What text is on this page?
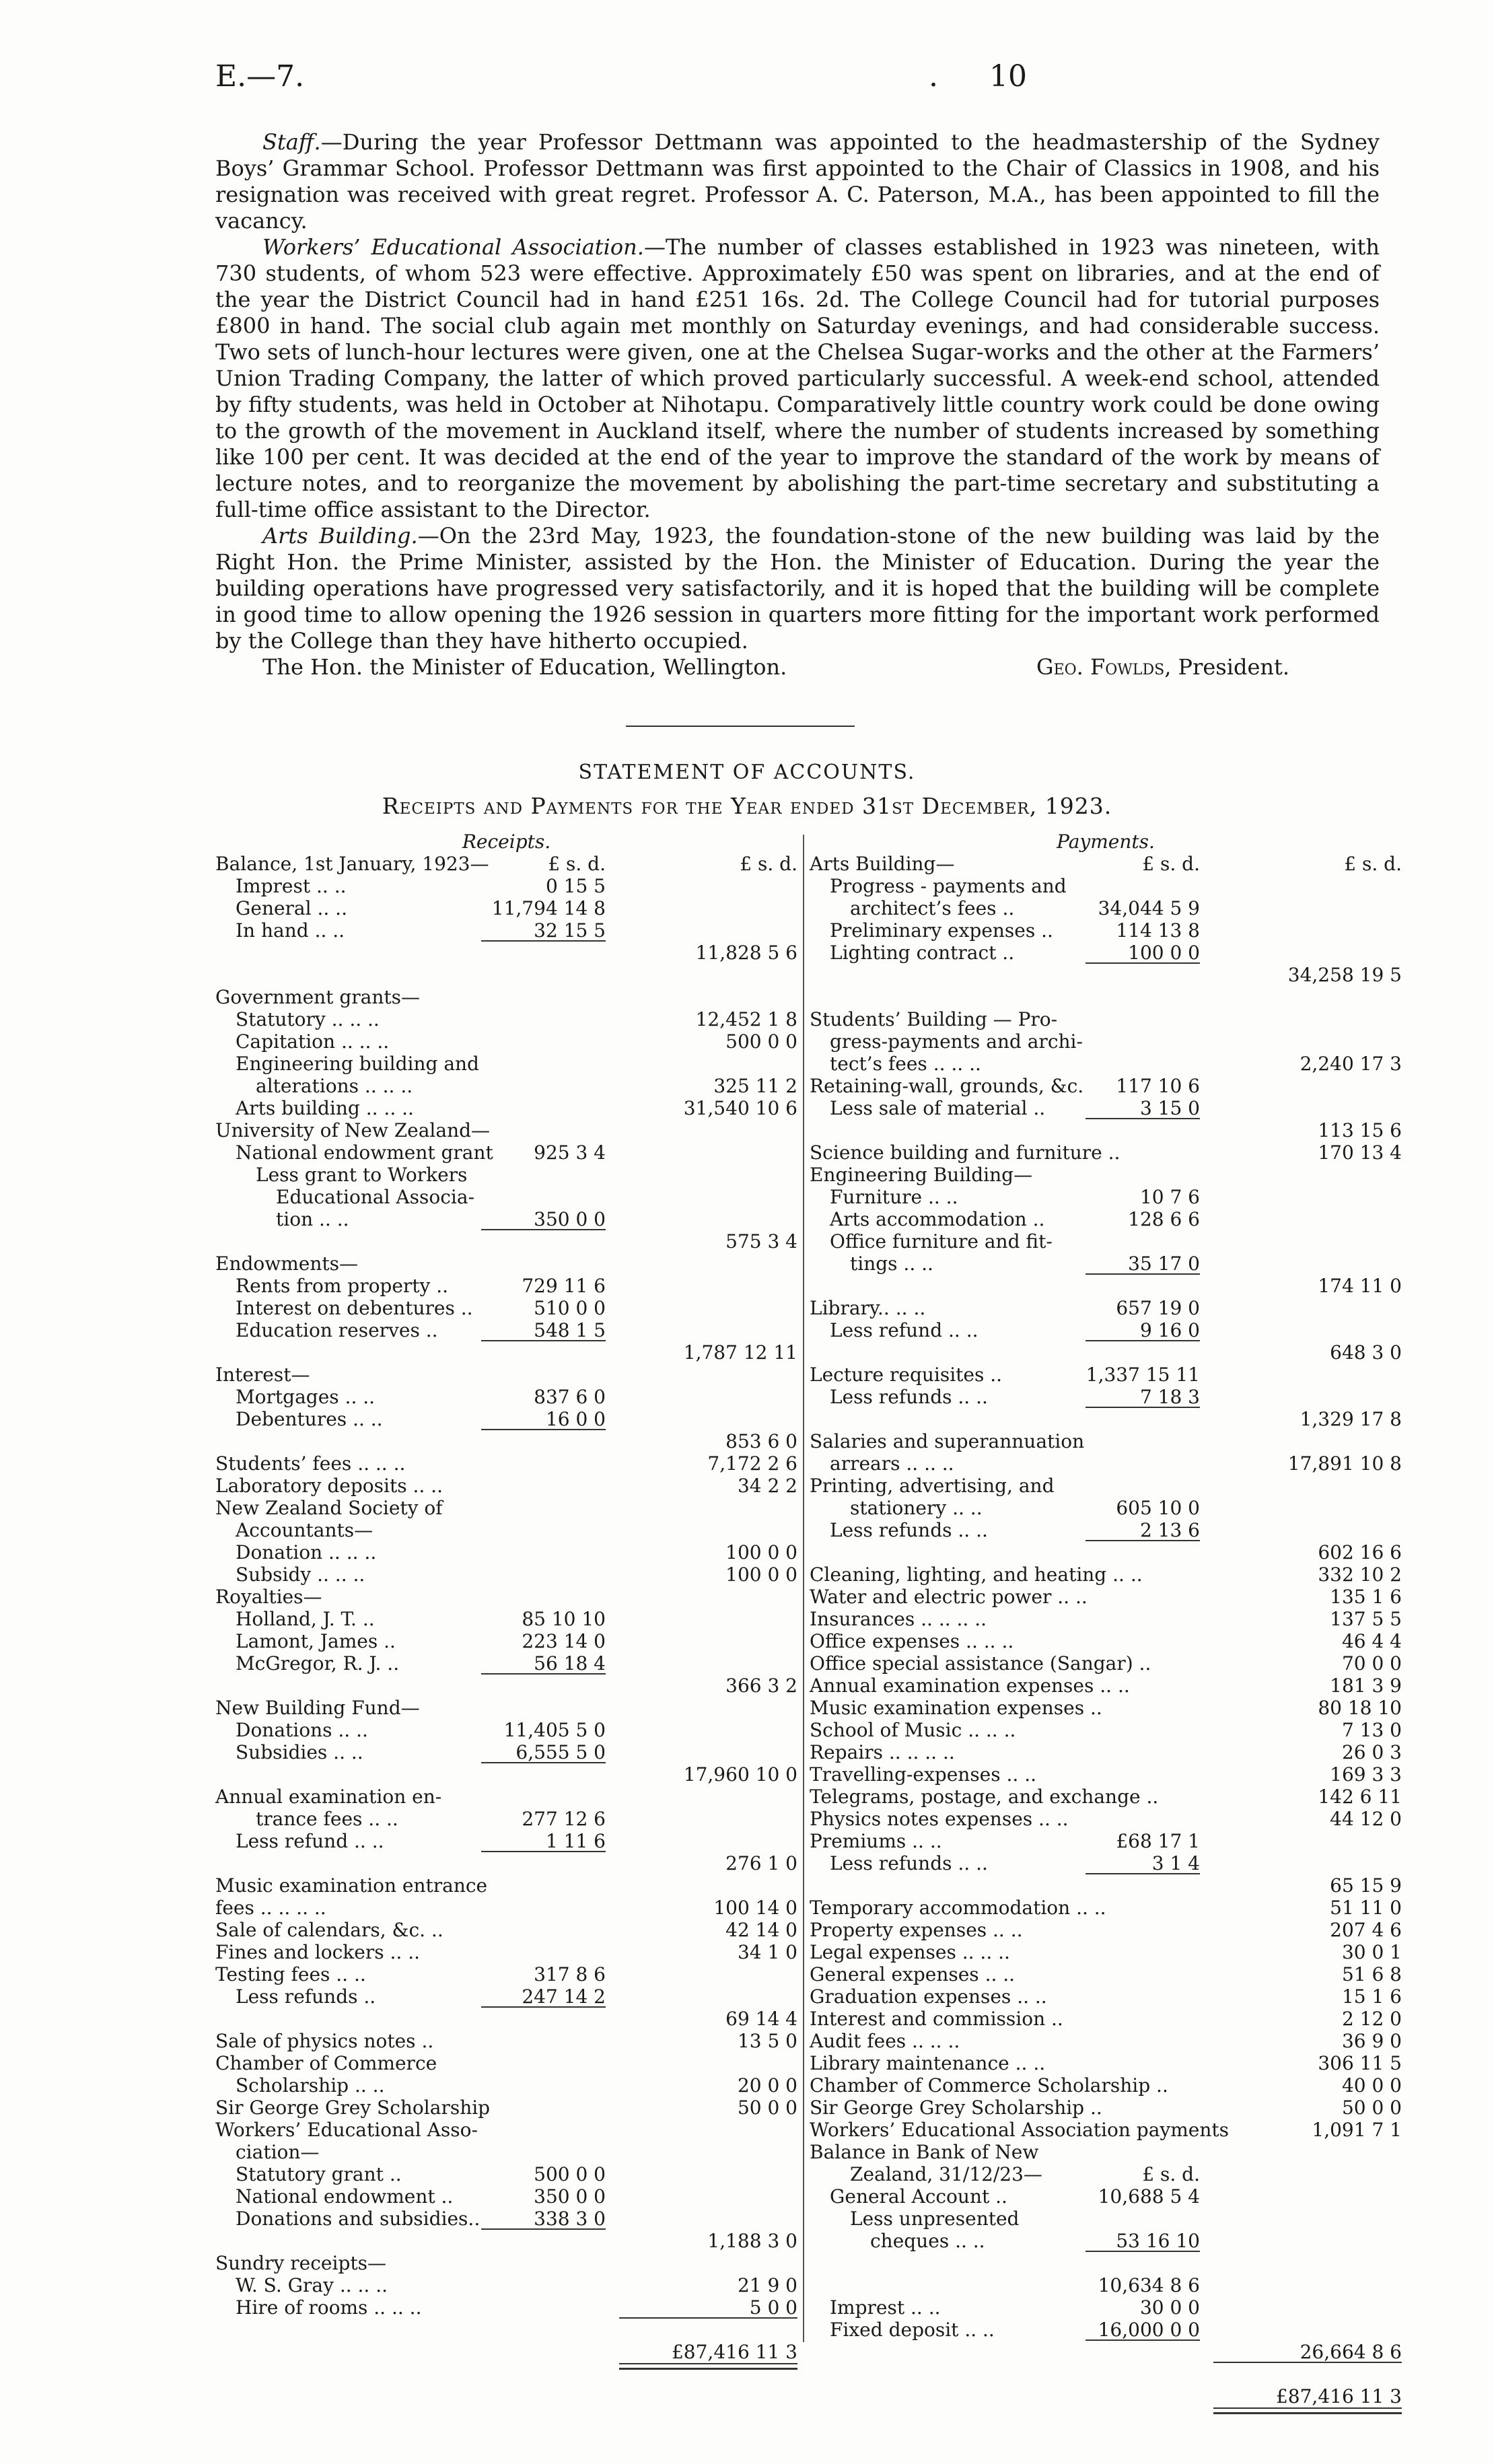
E.—7.	. 10

Staff.—During the year Professor Dettmann was appointed to the headmastership of the Sydney Boys’ Grammar School. Professor Dettmann was first appointed to the Chair of Classics in 1908, and his resignation was received with great regret. Professor A. C. Paterson, M.A., has been appointed to fill the vacancy.

Workers’ Educational Association.—The number of classes established in 1923 was nineteen, with 730 students, of whom 523 were effective. Approximately £50 was spent on libraries, and at the end of the year the District Council had in hand £251 16s. 2d. The College Council had for tutorial purposes £800 in hand. The social club again met monthly on Saturday evenings, and had considerable success. Two sets of lunch-hour lectures were given, one at the Chelsea Sugar-works and the other at the Farmers’ Union Trading Company, the latter of which proved particularly successful. A week-end school, attended by fifty students, was held in October at Nihotapu. Comparatively little country work could be done owing to the growth of the movement in Auckland itself, where the number of students increased by something like 100 per cent. It was decided at the end of the year to improve the standard of the work by means of lecture notes, and to reorganize the movement by abolishing the part-time secretary and substituting a full-time office assistant to the Director.

Arts Building.—On the 23rd May, 1923, the foundation-stone of the new building was laid by the Right Hon. the Prime Minister, assisted by the Hon. the Minister of Education. During the year the building operations have progressed very satisfactorily, and it is hoped that the building will be complete in good time to allow opening the 1926 session in quarters more fitting for the important work performed by the College than they have hitherto occupied.

The Hon. the Minister of Education, Wellington.	Geo. Fowlds, President.
STATEMENT OF ACCOUNTS.
Receipts and Payments for the Year ended 31st December, 1923.
Receipts.
Balance, 1st January, 1923—	£ s. d.	£ s. d.
Imprest .. ..	0 15 5
General .. ..	11,794 14 8
In hand .. ..	32 15 5
11,828 5 6
Government grants—
Statutory .. .. ..	12,452 1 8
Capitation .. .. ..	500 0 0
Engineering building and
alterations .. .. ..	325 11 2
Arts building .. .. ..	31,540 10 6
University of New Zealand—
National endowment grant	925 3 4
Less grant to Workers
Educational Associa-
tion .. ..	350 0 0
575 3 4
Endowments—
Rents from property ..	729 11 6
Interest on debentures ..	510 0 0
Education reserves ..	548 1 5
1,787 12 11
Interest—
Mortgages .. ..	837 6 0
Debentures .. ..	16 0 0
853 6 0
Students’ fees .. .. ..	7,172 2 6
Laboratory deposits .. ..	34 2 2
New Zealand Society of
Accountants—
Donation .. .. ..	100 0 0
Subsidy .. .. ..	100 0 0
Royalties—
Holland, J. T. ..	85 10 10
Lamont, James ..	223 14 0
McGregor, R. J. ..	56 18 4
366 3 2
New Building Fund—
Donations .. ..	11,405 5 0
Subsidies .. ..	6,555 5 0
17,960 10 0
Annual examination en-
trance fees .. ..	277 12 6
Less refund .. ..	1 11 6
276 1 0
Music examination entrance
fees .. .. .. ..	100 14 0
Sale of calendars, &c. ..	42 14 0
Fines and lockers .. ..	34 1 0
Testing fees .. ..	317 8 6
Less refunds ..	247 14 2
69 14 4
Sale of physics notes ..	13 5 0
Chamber of Commerce
Scholarship .. ..	20 0 0
Sir George Grey Scholarship	50 0 0
Workers’ Educational Asso-
ciation—
Statutory grant ..	500 0 0
National endowment ..	350 0 0
Donations and subsidies..	338 3 0
1,188 3 0
Sundry receipts—
W. S. Gray .. .. ..	21 9 0
Hire of rooms .. .. ..	5 0 0
£87,416 11 3
Payments.
Arts Building—	£ s. d.	£ s. d.
Progress - payments and
architect’s fees ..	34,044 5 9
Preliminary expenses ..	114 13 8
Lighting contract ..	100 0 0
34,258 19 5
Students’ Building — Pro-
gress-payments and archi-
tect’s fees .. .. ..	2,240 17 3
Retaining-wall, grounds, &c.	117 10 6
Less sale of material ..	3 15 0
113 15 6
Science building and furniture ..	170 13 4
Engineering Building—
Furniture .. ..	10 7 6
Arts accommodation ..	128 6 6
Office furniture and fit-
tings .. ..	35 17 0
174 11 0
Library.. .. ..	657 19 0
Less refund .. ..	9 16 0
648 3 0
Lecture requisites ..	1,337 15 11
Less refunds .. ..	7 18 3
1,329 17 8
Salaries and superannuation
arrears .. .. ..	17,891 10 8
Printing, advertising, and
stationery .. ..	605 10 0
Less refunds .. ..	2 13 6
602 16 6
Cleaning, lighting, and heating .. ..	332 10 2
Water and electric power .. ..	135 1 6
Insurances .. .. .. ..	137 5 5
Office expenses .. .. ..	46 4 4
Office special assistance (Sangar) ..	70 0 0
Annual examination expenses .. ..	181 3 9
Music examination expenses ..	80 18 10
School of Music .. .. ..	7 13 0
Repairs .. .. .. ..	26 0 3
Travelling-expenses .. ..	169 3 3
Telegrams, postage, and exchange ..	142 6 11
Physics notes expenses .. ..	44 12 0
Premiums .. ..	£68 17 1
Less refunds .. ..	3 1 4
65 15 9
Temporary accommodation .. ..	51 11 0
Property expenses .. ..	207 4 6
Legal expenses .. .. ..	30 0 1
General expenses .. ..	51 6 8
Graduation expenses .. ..	15 1 6
Interest and commission ..	2 12 0
Audit fees .. .. ..	36 9 0
Library maintenance .. ..	306 11 5
Chamber of Commerce Scholarship ..	40 0 0
Sir George Grey Scholarship ..	50 0 0
Workers’ Educational Association payments	1,091 7 1
Balance in Bank of New
Zealand, 31/12/23—	£ s. d.
General Account ..	10,688 5 4
Less unpresented
cheques .. ..	53 16 10
10,634 8 6
Imprest .. ..	30 0 0
Fixed deposit .. ..	16,000 0 0
26,664 8 6
£87,416 11 3
